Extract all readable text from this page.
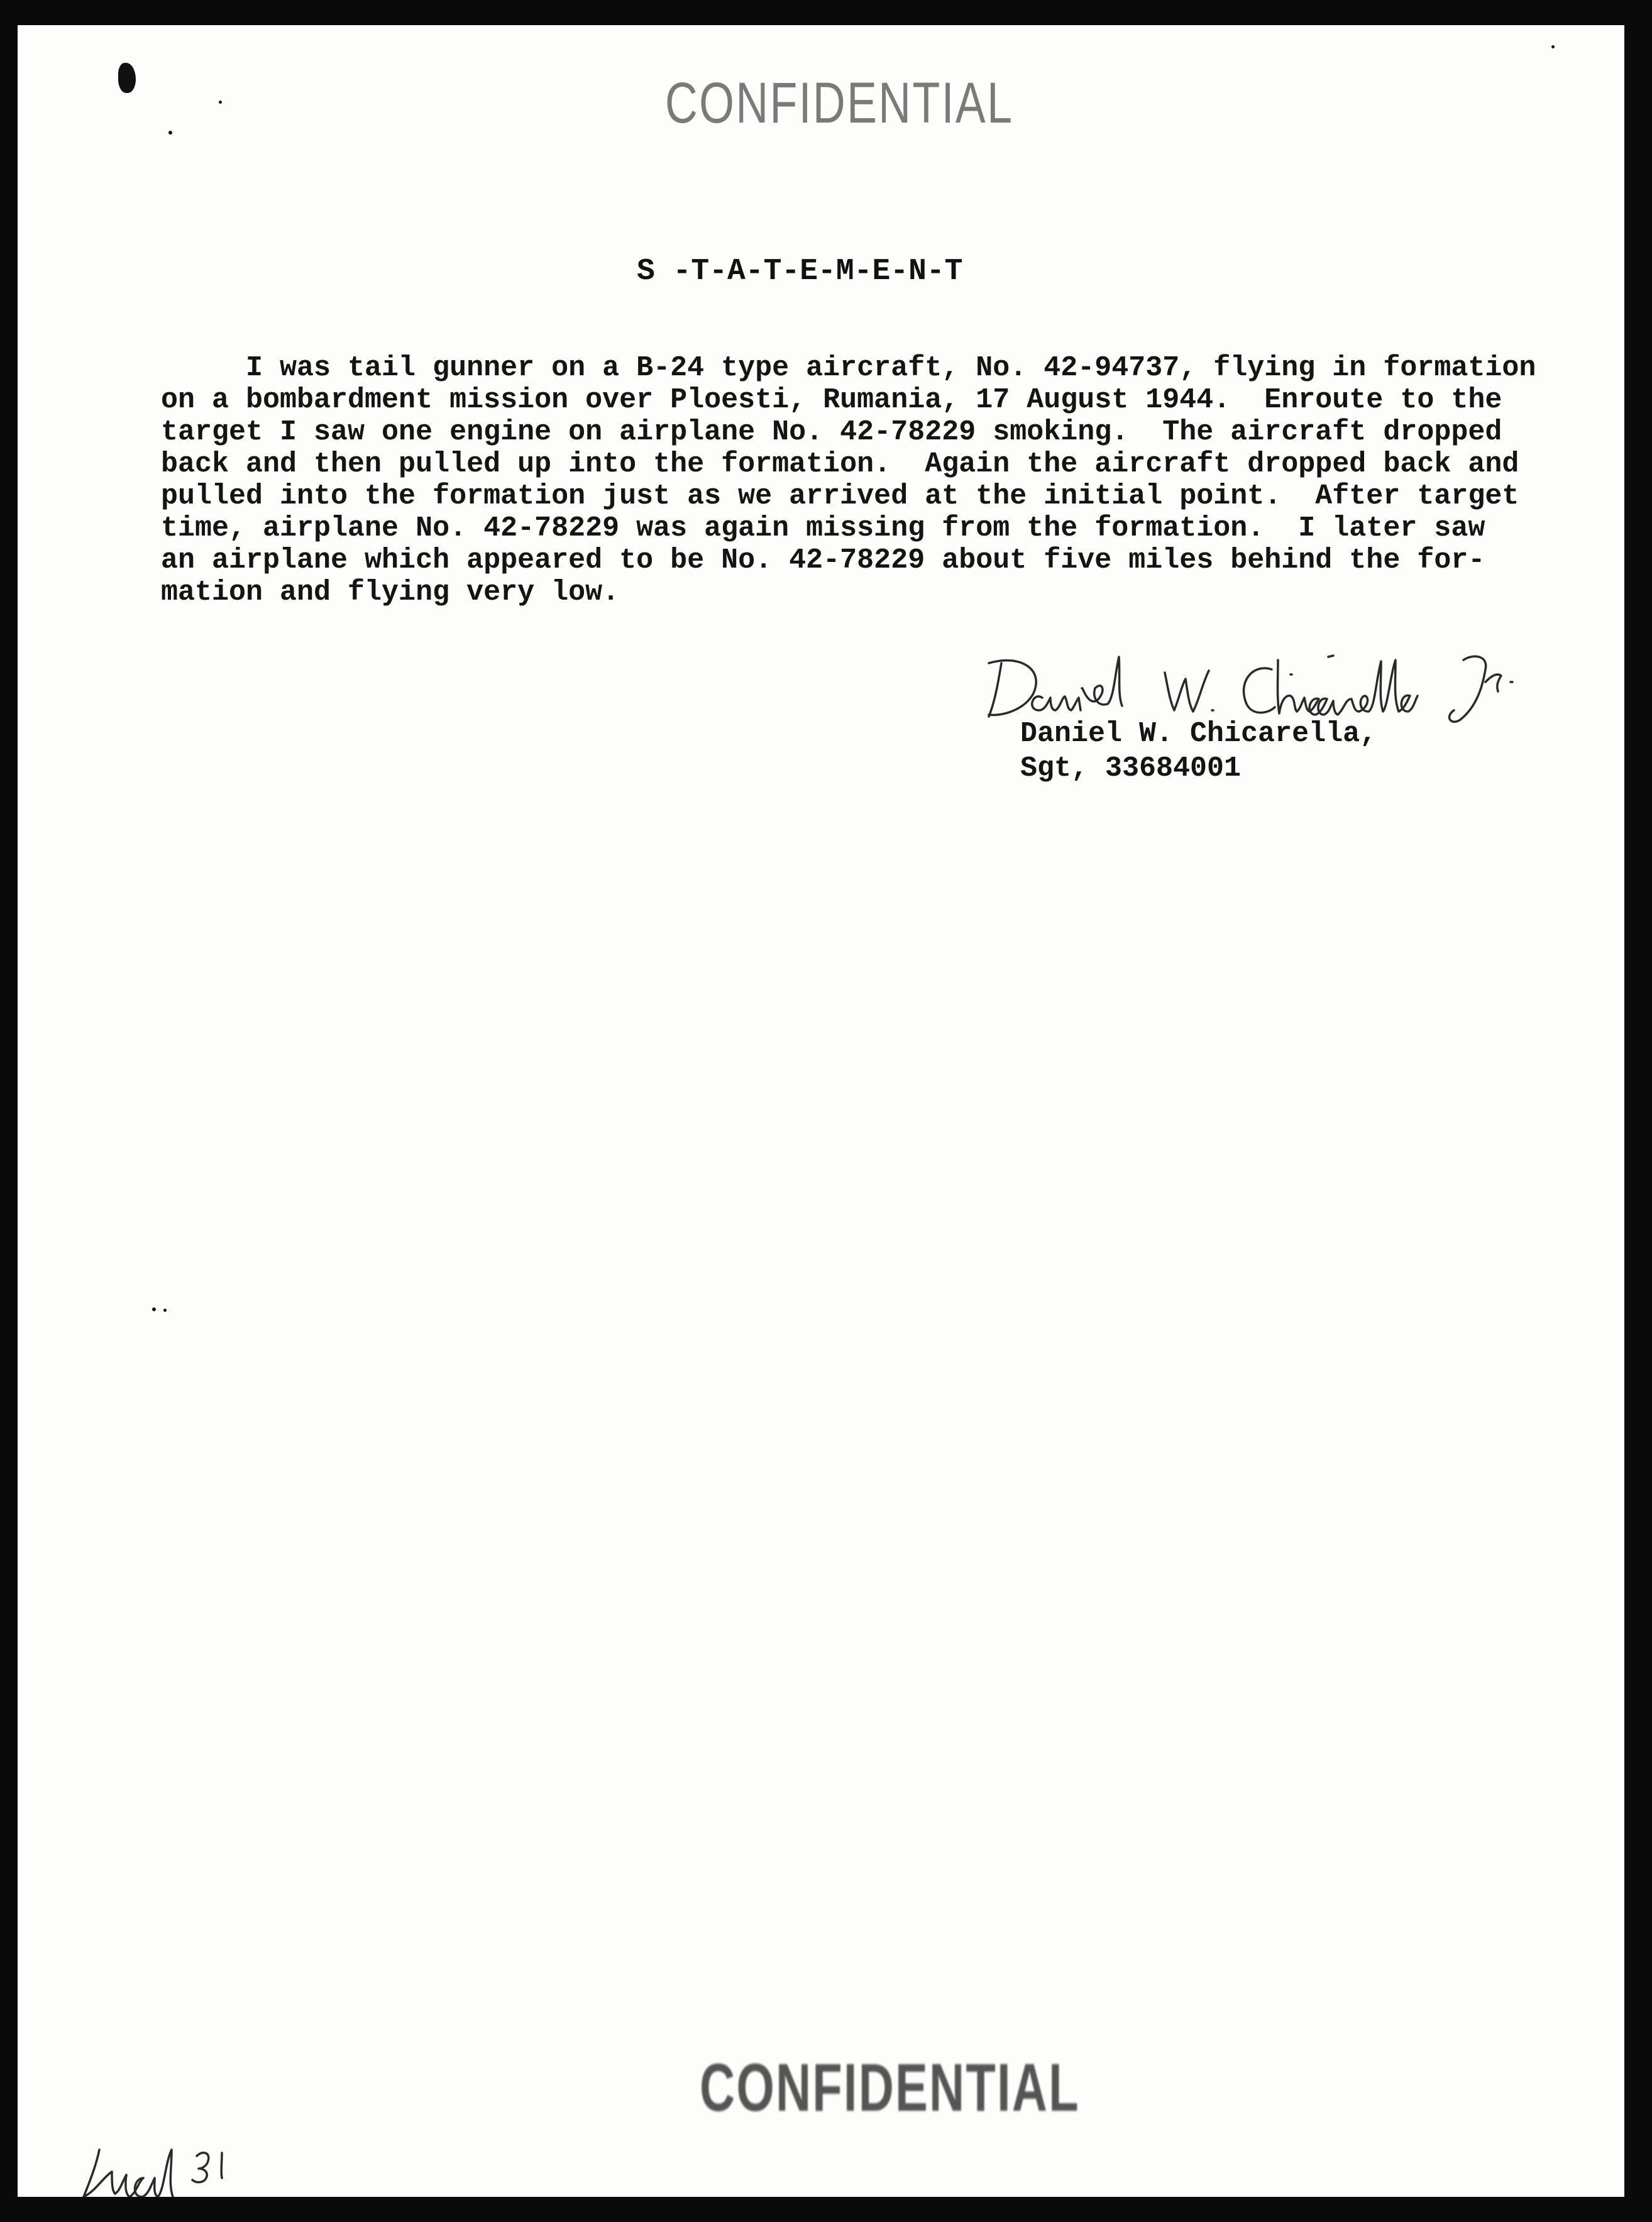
CONFIDENTIAL
S -T-A-T-E-M-E-N-T
I was tail gunner on a B-24 type aircraft, No. 42-94737, flying in formation
on a bombardment mission over Ploesti, Rumania, 17 August 1944.  Enroute to the
target I saw one engine on airplane No. 42-78229 smoking.  The aircraft dropped
back and then pulled up into the formation.  Again the aircraft dropped back and
pulled into the formation just as we arrived at the initial point.  After target
time, airplane No. 42-78229 was again missing from the formation.  I later saw
an airplane which appeared to be No. 42-78229 about five miles behind the for-
mation and flying very low.
Daniel W. Chicarella,
Sgt, 33684001
CONFIDENTIAL
